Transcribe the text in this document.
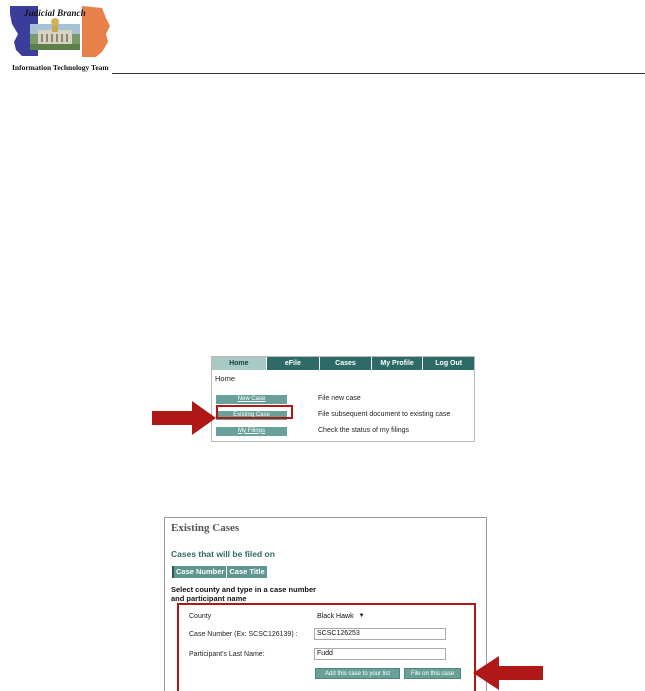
Judicial Branch
Information Technology Team
Home	eFile	Cases	My Profile	Log Out
Home
New Case	File new case
Existing Case	File subsequent document to existing case
My Filings	Check the status of my filings
Existing Cases
Cases that will be filed on
Case Number Case Title
Select county and type in a case number and participant name
County	Black Hawk ▼
Case Number (Ex: SCSC126139) :	SCSC126253
Participant's Last Name:	Fudd
Add this case to your list	File on this case
